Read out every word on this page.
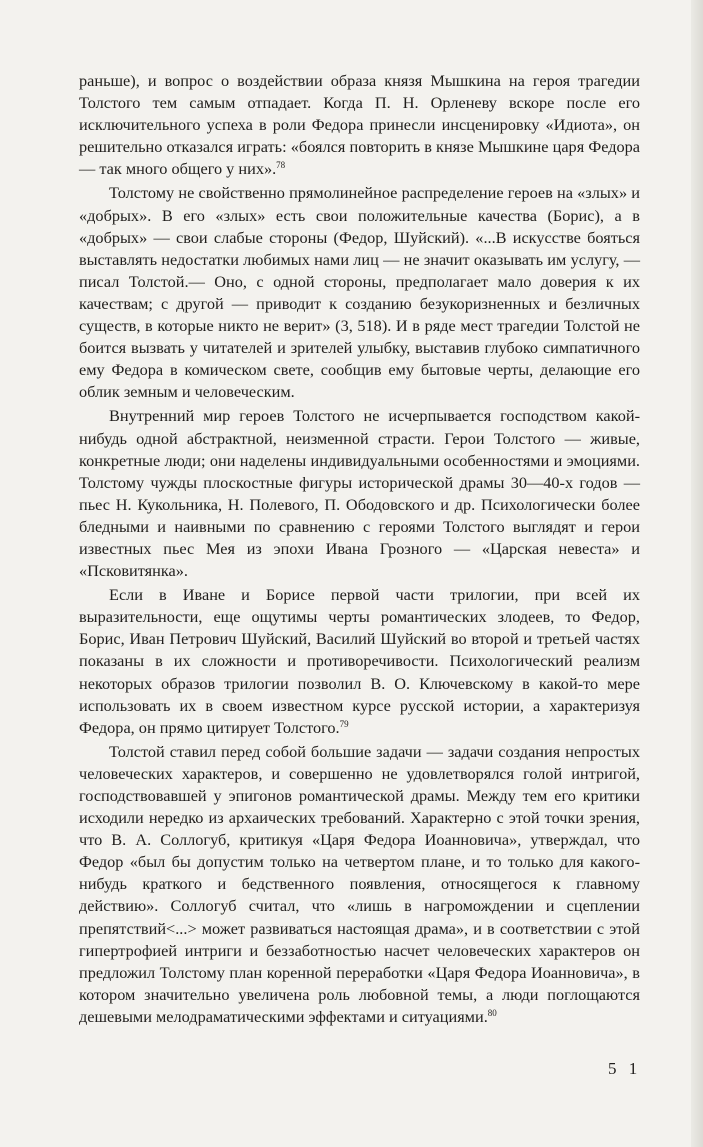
раньше), и вопрос о воздействии образа князя Мышкина на героя трагедии Толстого тем самым отпадает. Когда П. Н. Орленеву вскоре после его исключительного успеха в роли Федора принесли инсценировку «Идиота», он решительно отказался играть: «боялся повторить в князе Мышкине царя Федора — так много общего у них».$^{78}$

Толстому не свойственно прямолинейное распределение героев на «злых» и «добрых». В его «злых» есть свои положительные качества (Борис), а в «добрых» — свои слабые стороны (Федор, Шуйский). «...В искусстве бояться выставлять недостатки любимых нами лиц — не значит оказывать им услугу, — писал Толстой.— Оно, с одной стороны, предполагает мало доверия к их качествам; с другой — приводит к созданию безукоризненных и безличных существ, в которые никто не верит» (3, 518). И в ряде мест трагедии Толстой не боится вызвать у читателей и зрителей улыбку, выставив глубоко симпатичного ему Федора в комическом свете, сообщив ему бытовые черты, делающие его облик земным и человеческим.

Внутренний мир героев Толстого не исчерпывается господством какой-нибудь одной абстрактной, неизменной страсти. Герои Толстого — живые, конкретные люди; они наделены индивидуальными особенностями и эмоциями. Толстому чужды плоскостные фигуры исторической драмы 30—40-х годов — пьес Н. Кукольника, Н. Полевого, П. Ободовского и др. Психологически более бледными и наивными по сравнению с героями Толстого выглядят и герои известных пьес Мея из эпохи Ивана Грозного — «Царская невеста» и «Псковитянка».

Если в Иване и Борисе первой части трилогии, при всей их выразительности, еще ощутимы черты романтических злодеев, то Федор, Борис, Иван Петрович Шуйский, Василий Шуйский во второй и третьей частях показаны в их сложности и противоречивости. Психологический реализм некоторых образов трилогии позволил В. О. Ключевскому в какой-то мере использовать их в своем известном курсе русской истории, а характеризуя Федора, он прямо цитирует Толстого.$^{79}$

Толстой ставил перед собой большие задачи — задачи создания непростых человеческих характеров, и совершенно не удовлетворялся голой интригой, господствовавшей у эпигонов романтической драмы. Между тем его критики исходили нередко из архаических требований. Характерно с этой точки зрения, что В. А. Соллогуб, критикуя «Царя Федора Иоанновича», утверждал, что Федор «был бы допустим только на четвертом плане, и то только для какого-нибудь краткого и бедственного появления, относящегося к главному действию». Соллогуб считал, что «лишь в нагромождении и сцеплении препятствий<...> может развиваться настоящая драма», и в соответствии с этой гипертрофией интриги и беззаботностью насчет человеческих характеров он предложил Толстому план коренной переработки «Царя Федора Иоанновича», в котором значительно увеличена роль любовной темы, а люди поглощаются дешевыми мелодраматическими эффектами и ситуациями.$^{80}$

5 1
